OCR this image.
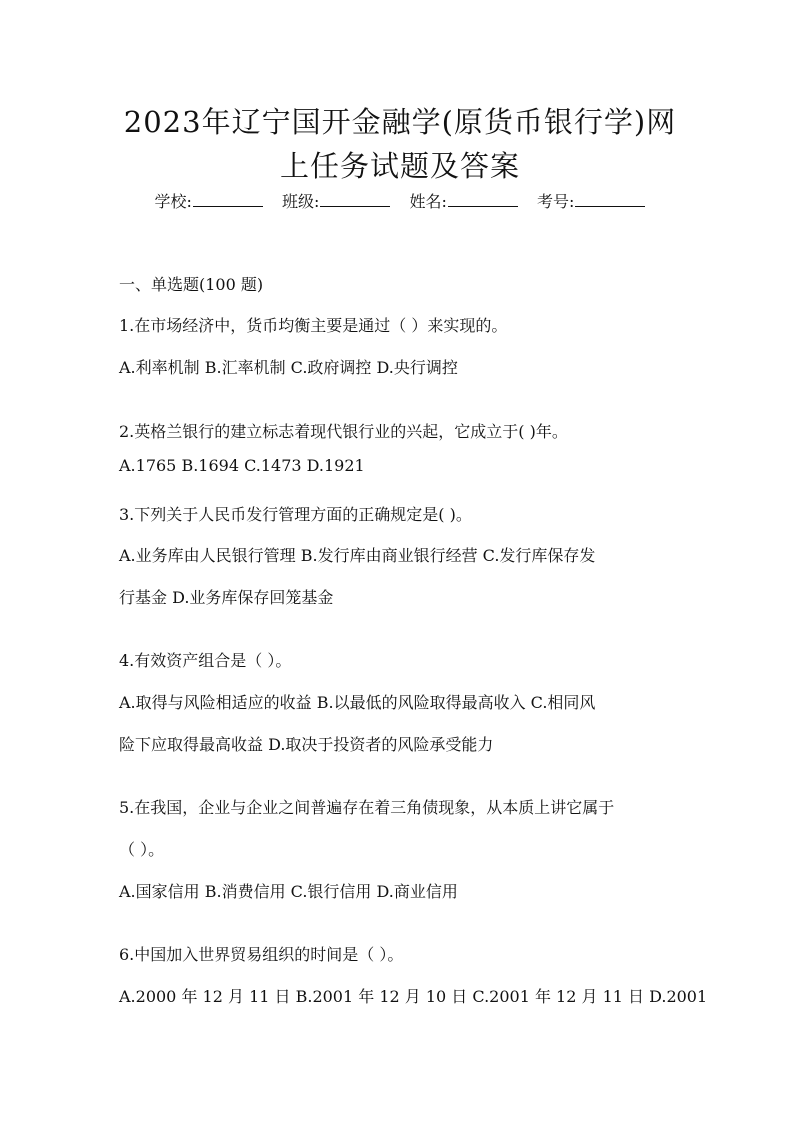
2023年辽宁国开金融学(原货币银行学)网
上任务试题及答案
学校:	班级:	姓名:	考号:
一、单选题(100 题)
1.在市场经济中，货币均衡主要是通过（ ）来实现的。
A.利率机制 B.汇率机制 C.政府调控 D.央行调控
2.英格兰银行的建立标志着现代银行业的兴起，它成立于( )年。
A.1765 B.1694 C.1473 D.1921
3.下列关于人民币发行管理方面的正确规定是( )。
A.业务库由人民银行管理 B.发行库由商业银行经营 C.发行库保存发
行基金 D.业务库保存回笼基金
4.有效资产组合是（ ）。
A.取得与风险相适应的收益 B.以最低的风险取得最高收入 C.相同风
险下应取得最高收益 D.取决于投资者的风险承受能力
5.在我国，企业与企业之间普遍存在着三角债现象，从本质上讲它属于
（ ）。
A.国家信用 B.消费信用 C.银行信用 D.商业信用
6.中国加入世界贸易组织的时间是（ ）。
A.2000 年 12 月 11 日 B.2001 年 12 月 10 日 C.2001 年 12 月 11 日 D.2001
